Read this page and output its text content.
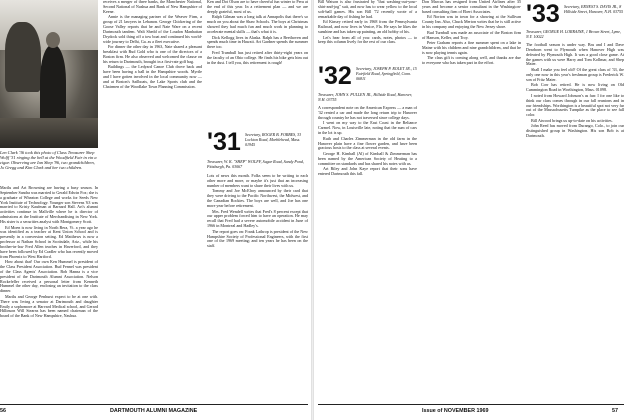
Len Clark '36 took this photo of Class Treasurer Shep Wolff '31 ringing the bell at the Woodfield Fair in vin a cigar. Observing are Ian Shep '96, two grandchildren, Jo Gregg and Kim Clark and her two children.

Marilu and Art Browning are having a busy season. In September Sandra was married to Gerald Edwin Fox; she is a graduate of Wheaton College and works for Seeds New York Institute of Technology. Younger son Stevens '63 was married to Kristy Kaufman at Barnard Hall. Art's alumni activities continue in Mallville where he is director of admissions at the Institute of Merchandising in New York. His sister is a securities analyst with Montgomery Scott.

Ed Moen is now living in North Bera, Vt. a year ago he was identified as a teacher at Kent Union School and is presently in a conversion setting. Ed Matthews is now a professor at Nathan School in Scottsdale, Ariz., while his brother-in-law Fred Allen teaches in Haverford, and they have been followed by Ed Cradler who has recently moved from Phoenix to West Hartford.

How about that! Our own Ken Hummel is president of the Class President Association. Bud Fennel was president of the Class Agents' Association. Bob Hanna is a vice president of the Dartmouth Alumni Association. Nelson Rockefeller received a personal letter from Kenneth Hummel the other day, enclosing an invitation to the class dinner.

Marilu and George Penhurst expect to be at one with. There was Irving a senator at Dartmouth and daughter Emily a sophomore at Harvard Medical school, and Gerard Hillinson Will Stearns has been named chairman of the board of the Bank of New Hampshire, Nashua.

receives a merger of three banks, the Manchester National, Second National of Nashua and Bank of New Hampshire of Keene.

Annie is the managing partner of the Weaver Firm, a group of 21 lawyers in Lebanon. George Chickering of the Goose Valley reports that he and Nate Ware on a recent Dartmouth tandem. Walt Shedd of the Loudon Manhattan Drydock sold thing off a tow boat and continued his world-wide journey to Delhi, Ga. as a fleet executive.

For dinner the other day in 1963, Nate shared a pleasant breakfast with Bud Gold who is one of the directors of a Boston firm. He also observed and welcomed the clause on his return to Dartmouth, brought in a first-rate golf bag.

Buildings — the Ledyard Canoe Club drove back and have been having a ball in the Hampshire woods. Myrtle and I have gotten involved in the local community now — and at Boston's Sailboats, the Lake Sports club and the Chairmen of the Woodlake Town Planning Commission.

Ken and Dot Olson are to have cheerful fun winter to Peru at the end of this year. In a retirement plan — and we are deeply grateful, most of us.

Ralph Gilman was a long talk at Annapolis that there's so much on you about the Shaw Schools. The boys at Christmas showed they had much fun and much work in planning to accelerate mental skills — that's what it is.

Dick Kellogg lives in Alaska. Ralph has a Beethoven and spends much time in Hawaii. Art Gardner spends the summer there too.

Fred Trumbull has just retired after thirty-eight years on the faculty of an Ohio college. He finds his bike gets him out in the dust. I tell you, this retirement is rough!

'31 Secretary, ROGER B. FORBES, 33 Lockton Road, Marblehead, Mass. 01945
Treasurer, W. K. "SHEP" WOLFF, Sugar Road, Sandy Pond, Pittsburgh, Pa. 03067

Lots of news this month. Folks seem to be writing to each other more and more, or maybe it's just that an increasing number of members want to share their lives with us.

Tommy and Joe McElroy announced by their card that they were driving to the Pacific Northwest, the Midwest, and the Canadian Rockies. The boys are well, and Joe has one more year before retirement.

Mrs. Fred Wendell writes that Fred's 8 percent except that our upper problem forced him to have an operation. He may recall that Fred had a severe automobile accident in June of 1966 in Montreal and Hadley's.

The report goes on: Frank Lathrop is president of the New Hampshire Society of Professional Engineers, with the first one of the 1969 meeting; and ten years he has been on the staff.

56	DARTMOUTH ALUMNI MAGAZINE

Bill Watson is also frustrated by "that washing-out-your-shirt-and-jog" suit, and now has to wear yellow to the local soft-ball games. His son Bill '72 recently wrote of a remarkable day of fishing he had.

Ed Kinsey retired early in 1968 from the Pennsylvania Railroad, and now lives in Venice, Fla. He says he likes the sunshine and has taken up painting, an old hobby of his.

Let's hear from all of you: cards, notes, photos — to keep this column lively for the rest of our class.

'32 Secretary, JOSEPH P. ROLET JR., 15 Fairfield Road, Springfield, Conn. 06811
Treasurer, JOHN S. PULLEN JR., Hillside Road, Hanover, N.H. 03755

A correspondent note on the American Express — a man of '32 rented a car and made the long return trip to Hanover through country he has not traversed since college days.

I went on my way to the East Coast in the Reliance Carmel. Now, in Louisville late, noting that the sum of cars in the lot is up.

Ruth and Charles Zimmerman in the old farm in the Hanover plain have a fine flower garden, and have been gracious hosts to the class at several events.

George H. Kimball (Al) of Kimball & Zimmerman has been named by the American Society of Heating to a committee on standards and has shared his notes with us.

Art Riley and John Kaye report that their sons have entered Dartmouth this fall.

Don Marcus has resigned from United Airlines after 35 years and become a senior consultant in the Washington-based consulting firm of Ebert Associates.

Ed Norton was in town for a showing at the Sullivan County Inn. Also, Chuck Merton writes that he is still active in his company and enjoying the New Jersey shore.

Bud Turnbull was made an associate of the Boston firm of Hanson, Keller, and Troy.

Peter Graham reports a fine summer spent on a lake in Maine with his children and nine grandchildren, and that he is now playing tennis again.

The class gift is coming along well, and thanks are due to everyone who has taken part in the effort.

'33 Secretary, ERNEST S. DAVIS JR., 8 Hillside Street, Hanover, N.H. 03755
Treasurer, GEORGE H. LORRAINE, 1 Brown Street, Lyme, N.Y. 10022

The football season is under way. Bru and I and Dave Dearborn went to Plymouth when Hanover High was defeated by Plymouth High. It was a good close game. At the games with us were Harry and Tom Kollmar, and Shep Maier.

Shall I make you feel old? Of the great class of '33, the only one now in this year's freshman group is Frederick W. son of Fritz Maier.

Bob Corr has retired. He is now living on Old Cummington Road in Worthington, Mass. 01098.

I noted from Howard Johnson's as fun: I for one like to think our class comes through in our fall reunions and in our friendships. Worthington is a beautiful spot not very far out of the Massachusetts Turnpike as the place to see fall color.

Bill Atwood brings us up-to-date on his activities.

John Reed has moved from Durango, Colo., to join our distinguished group in Washington. His son Bob is at Dartmouth.

Issue of NOVEMBER 1969	57
